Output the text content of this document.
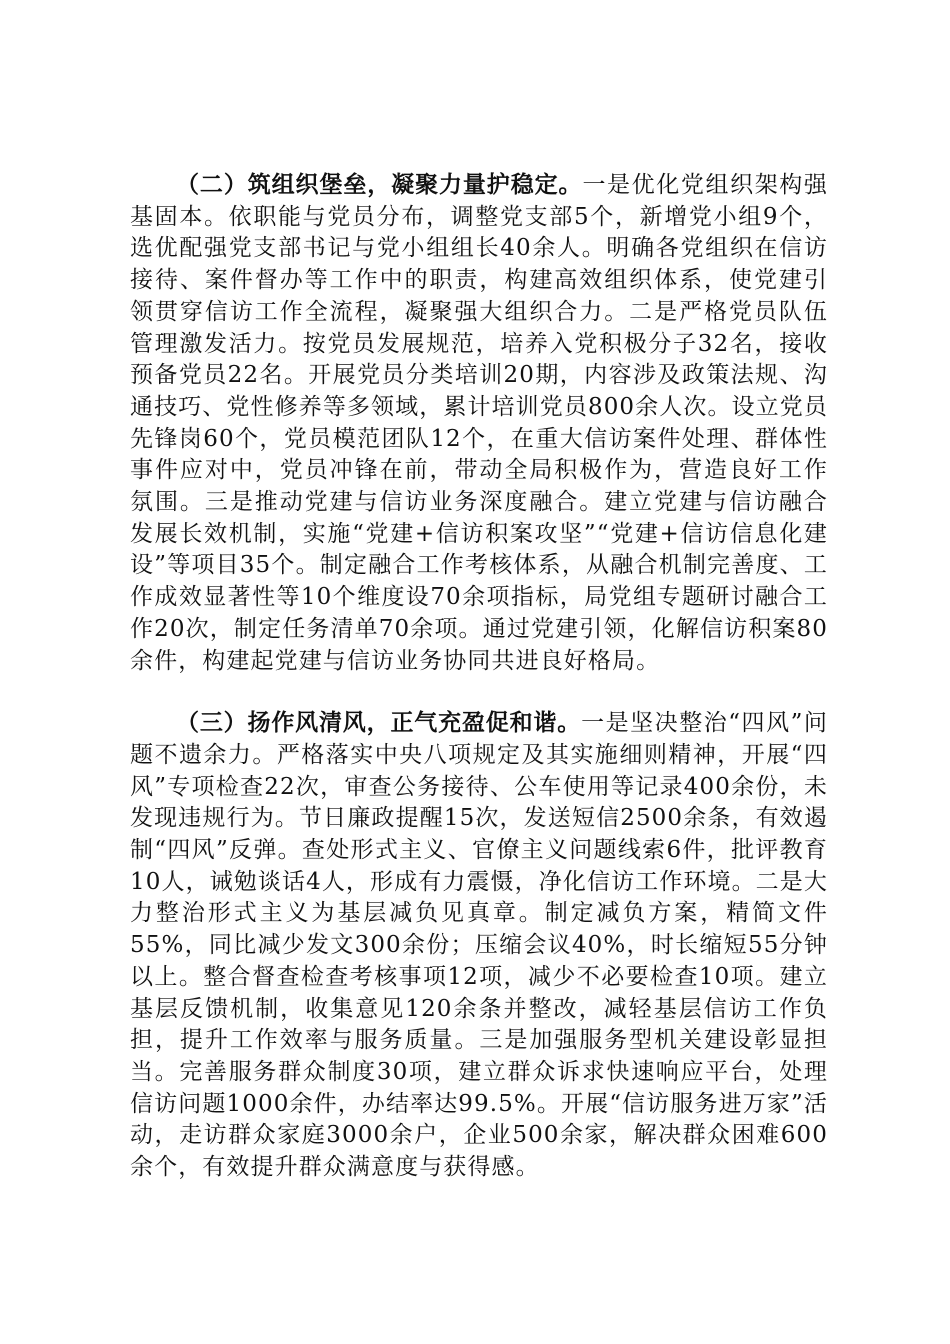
（二）筑组织堡垒，凝聚力量护稳定。一是优化党组织架构强基固本。依职能与党员分布，调整党支部5个，新增党小组9个，选优配强党支部书记与党小组组长40余人。明确各党组织在信访接待、案件督办等工作中的职责，构建高效组织体系，使党建引领贯穿信访工作全流程，凝聚强大组织合力。二是严格党员队伍管理激发活力。按党员发展规范，培养入党积极分子32名，接收预备党员22名。开展党员分类培训20期，内容涉及政策法规、沟通技巧、党性修养等多领域，累计培训党员800余人次。设立党员先锋岗60个，党员模范团队12个，在重大信访案件处理、群体性事件应对中，党员冲锋在前，带动全局积极作为，营造良好工作氛围。三是推动党建与信访业务深度融合。建立党建与信访融合发展长效机制，实施“党建+信访积案攻坚”“党建+信访信息化建设”等项目35个。制定融合工作考核体系，从融合机制完善度、工作成效显著性等10个维度设70余项指标，局党组专题研讨融合工作20次，制定任务清单70余项。通过党建引领，化解信访积案80余件，构建起党建与信访业务协同共进良好格局。

（三）扬作风清风，正气充盈促和谐。一是坚决整治“四风”问题不遗余力。严格落实中央八项规定及其实施细则精神，开展“四风”专项检查22次，审查公务接待、公车使用等记录400余份，未发现违规行为。节日廉政提醒15次，发送短信2500余条，有效遏制“四风”反弹。查处形式主义、官僚主义问题线索6件，批评教育10人，诫勉谈话4人，形成有力震慑，净化信访工作环境。二是大力整治形式主义为基层减负见真章。制定减负方案，精简文件55%，同比减少发文300余份；压缩会议40%，时长缩短55分钟以上。整合督查检查考核事项12项，减少不必要检查10项。建立基层反馈机制，收集意见120余条并整改，减轻基层信访工作负担，提升工作效率与服务质量。三是加强服务型机关建设彰显担当。完善服务群众制度30项，建立群众诉求快速响应平台，处理信访问题1000余件，办结率达99.5%。开展“信访服务进万家”活动，走访群众家庭3000余户，企业500余家，解决群众困难600余个，有效提升群众满意度与获得感。
